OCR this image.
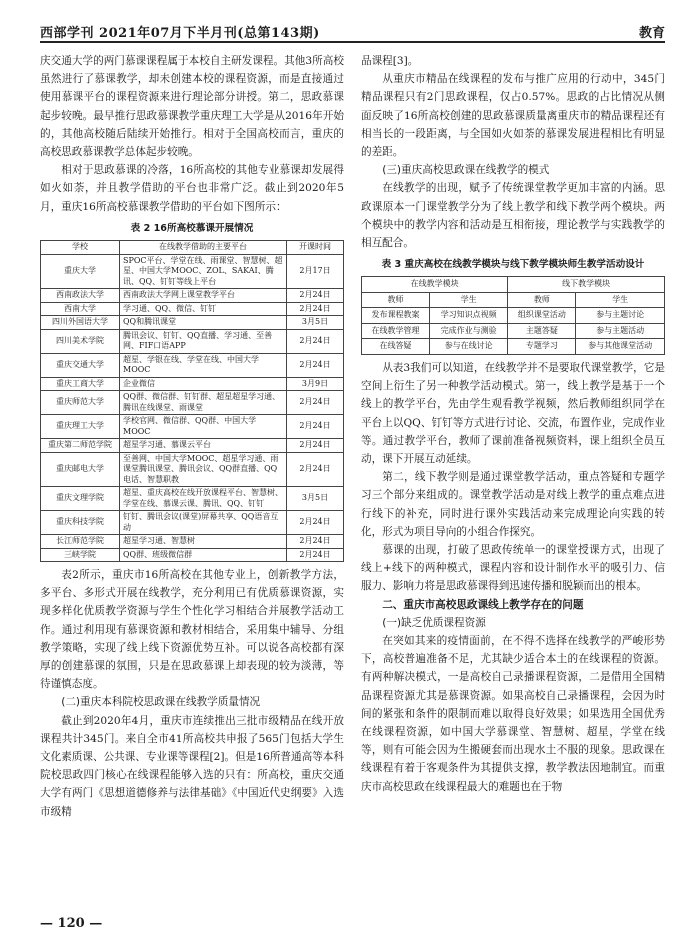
西部学刊 2021年07月下半月刊(总第143期)	教育

庆交通大学的两门慕课课程属于本校自主研发课程。其他3所高校虽然进行了慕课教学，却未创建本校的课程资源，而是直接通过使用慕课平台的课程资源来进行理论部分讲授。第二，思政慕课起步较晚。最早推行思政慕课教学重庆理工大学是从2016年开始的，其他高校随后陆续开始推行。相对于全国高校而言，重庆的高校思政慕课教学总体起步较晚。

相对于思政慕课的冷落，16所高校的其他专业慕课却发展得如火如荼，并且教学借助的平台也非常广泛。截止到2020年5月，重庆16所高校慕课教学借助的平台如下图所示：

表 2 16所高校慕课开展情况
学校	在线教学借助的主要平台	开课时间
重庆大学	SPOC平台、学堂在线、雨课堂、智慧树、超星、中国大学MOOC、ZOL、SAKAI、腾讯、QQ、钉钉等线上平台	2月17日
西南政法大学	西南政法大学网上课堂教学平台	2月24日
西南大学	学习通、QQ、微信、钉钉	2月24日
四川外国语大学	QQ和腾讯课堂	3月5日
四川美术学院	腾讯会议、钉钉、QQ直播、学习通、至善网、FIF口语APP	2月24日
重庆交通大学	超星、学银在线、学堂在线、中国大学MOOC	2月24日
重庆工商大学	企业微信	3月9日
重庆师范大学	QQ群、微信群、钉钉群、超星超星学习通、腾讯在线课堂、雨课堂	2月24日
重庆理工大学	学校官网、微信群、QQ群、中国大学MOOC	2月24日
重庆第二师范学院	超星学习通、慕课云平台	2月24日
重庆邮电大学	至善网、中国大学MOOC、超星学习通、雨课堂腾讯课堂、腾讯会议、QQ群直播、QQ电话、智慧职教	2月24日
重庆文理学院	超星、重庆高校在线开放课程平台、智慧树、学堂在线、慕课云课、腾讯、QQ、钉钉	3月5日
重庆科技学院	钉钉、腾讯会议(课堂)屏幕共享、QQ语音互动	2月24日
长江师范学院	超星学习通、智慧树	2月24日
三峡学院	QQ群、班级微信群	2月24日

表2所示，重庆市16所高校在其他专业上，创新教学方法，多平台、多形式开展在线教学，充分利用已有优质慕课资源，实现多样化优质教学资源与学生个性化学习相结合并展教学活动工作。通过利用现有慕课资源和教材相结合，采用集中辅导、分组教学策略，实现了线上线下资源优势互补。可以说各高校都有深厚的创建慕课的氛围，只是在思政慕课上却表现的较为淡薄，等待谨慎态度。

(二)重庆本科院校思政课在线教学质量情况

截止到2020年4月，重庆市连续推出三批市级精品在线开放课程共计345门。来自全市41所高校共申报了565门包括大学生文化素质课、公共课、专业课等课程[2]。但是16所普通高等本科院校思政四门核心在线课程能够入选的只有：所高校，重庆交通大学有两门《思想道德修养与法律基础》《中国近代史纲要》入选市级精

品课程[3]。

从重庆市精品在线课程的发布与推广应用的行动中，345门精品课程只有2门思政课程，仅占0.57%。思政的占比情况从侧面反映了16所高校创建的思政慕课质量离重庆市的精品课程还有相当长的一段距离，与全国如火如荼的慕课发展进程相比有明显的差距。

(三)重庆高校思政课在线教学的模式

在线教学的出现，赋予了传统课堂教学更加丰富的内涵。思政课原本一门课堂教学分为了线上教学和线下教学两个模块。两个模块中的教学内容和活动是互相衔接，理论教学与实践教学的相互配合。

表 3 重庆高校在线教学模块与线下教学模块师生教学活动设计
在线教学模块		线下教学模块	
教师	学生	教师	学生
发布课程教案	学习知识点视频	组织课堂活动	参与主题讨论
在线教学管理	完成作业与测验	主题答疑	参与主题活动
在线答疑	参与在线讨论	专题学习	参与其他课堂活动

从表3我们可以知道，在线教学并不是要取代课堂教学，它是空间上衍生了另一种教学活动模式。第一，线上教学是基于一个线上的教学平台，先由学生观看教学视频，然后教师组织同学在平台上以QQ、钉钉等方式进行讨论、交流，布置作业，完成作业等。通过教学平台，教师了课前准备视频资料，课上组织全员互动，课下开展互动延续。

第二，线下教学则是通过课堂教学活动，重点答疑和专题学习三个部分来组成的。课堂教学活动是对线上教学的重点难点进行线下的补充，同时进行课外实践活动来完成理论向实践的转化，形式为项目导向的小组合作探究。

慕课的出现，打破了思政传统单一的课堂授课方式，出现了线上+线下的两种模式，课程内容和设计制作水平的吸引力、信服力、影响力将是思政慕课得到迅速传播和脱颖而出的根本。

二、重庆市高校思政课线上教学存在的问题
(一)缺乏优质课程资源

在突如其来的疫情面前，在不得不选择在线教学的严峻形势下，高校普遍准备不足，尤其缺少适合本土的在线课程的资源。有两种解决模式，一是高校自己录播课程资源，二是借用全国精品课程资源尤其是慕课资源。如果高校自己录播课程，会因为时间的紧张和条件的限制而难以取得良好效果；如果选用全国优秀在线课程资源，如中国大学慕课堂、智慧树、超星，学堂在线等，则有可能会因为生搬硬套而出现水土不服的现象。思政课在线课程有着于客观条件为其提供支撑，教学教法因地制宜。而重庆市高校思政在线课程最大的难题也在于物

— 120 —
